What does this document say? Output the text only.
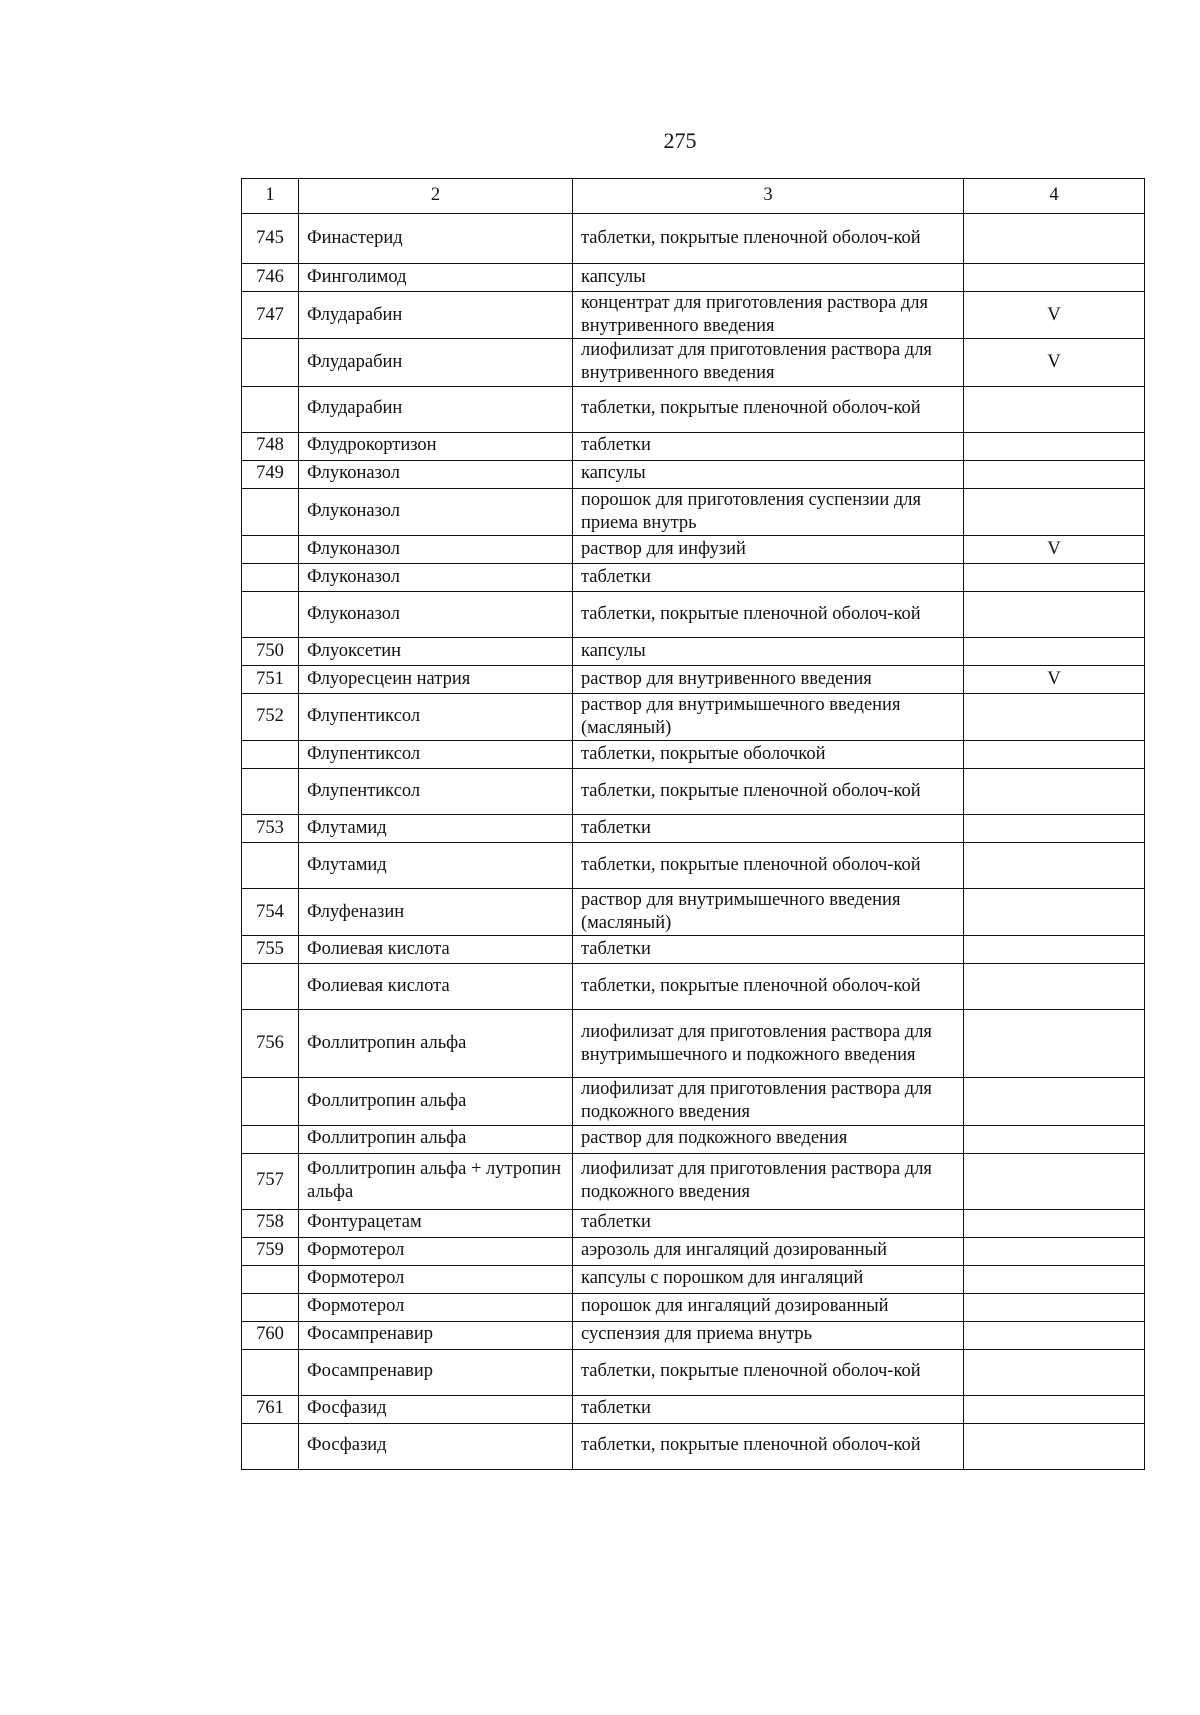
275
1	2	3	4
745	Финастерид	таблетки, покрытые пленочной оболоч-кой	
746	Финголимод	капсулы	
747	Флударабин	концентрат для приготовления раствора для внутривенного введения	V
	Флударабин	лиофилизат для приготовления раствора для внутривенного введения	V
	Флударабин	таблетки, покрытые пленочной оболоч-кой	
748	Флудрокортизон	таблетки	
749	Флуконазол	капсулы	
	Флуконазол	порошок для приготовления суспензии для приема внутрь	
	Флуконазол	раствор для инфузий	V
	Флуконазол	таблетки	
	Флуконазол	таблетки, покрытые пленочной оболоч-кой	
750	Флуоксетин	капсулы	
751	Флуоресцеин натрия	раствор для внутривенного введения	V
752	Флупентиксол	раствор для внутримышечного введения (масляный)	
	Флупентиксол	таблетки, покрытые оболочкой	
	Флупентиксол	таблетки, покрытые пленочной оболоч-кой	
753	Флутамид	таблетки	
	Флутамид	таблетки, покрытые пленочной оболоч-кой	
754	Флуфеназин	раствор для внутримышечного введения (масляный)	
755	Фолиевая кислота	таблетки	
	Фолиевая кислота	таблетки, покрытые пленочной оболоч-кой	
756	Фоллитропин альфа	лиофилизат для приготовления раствора для внутримышечного и подкожного введения	
	Фоллитропин альфа	лиофилизат для приготовления раствора для подкожного введения	
	Фоллитропин альфа	раствор для подкожного введения	
757	Фоллитропин альфа + лутропин альфа	лиофилизат для приготовления раствора для подкожного введения	
758	Фонтурацетам	таблетки	
759	Формотерол	аэрозоль для ингаляций дозированный	
	Формотерол	капсулы с порошком для ингаляций	
	Формотерол	порошок для ингаляций дозированный	
760	Фосампренавир	суспензия для приема внутрь	
	Фосампренавир	таблетки, покрытые пленочной оболоч-кой	
761	Фосфазид	таблетки	
	Фосфазид	таблетки, покрытые пленочной оболоч-кой	
